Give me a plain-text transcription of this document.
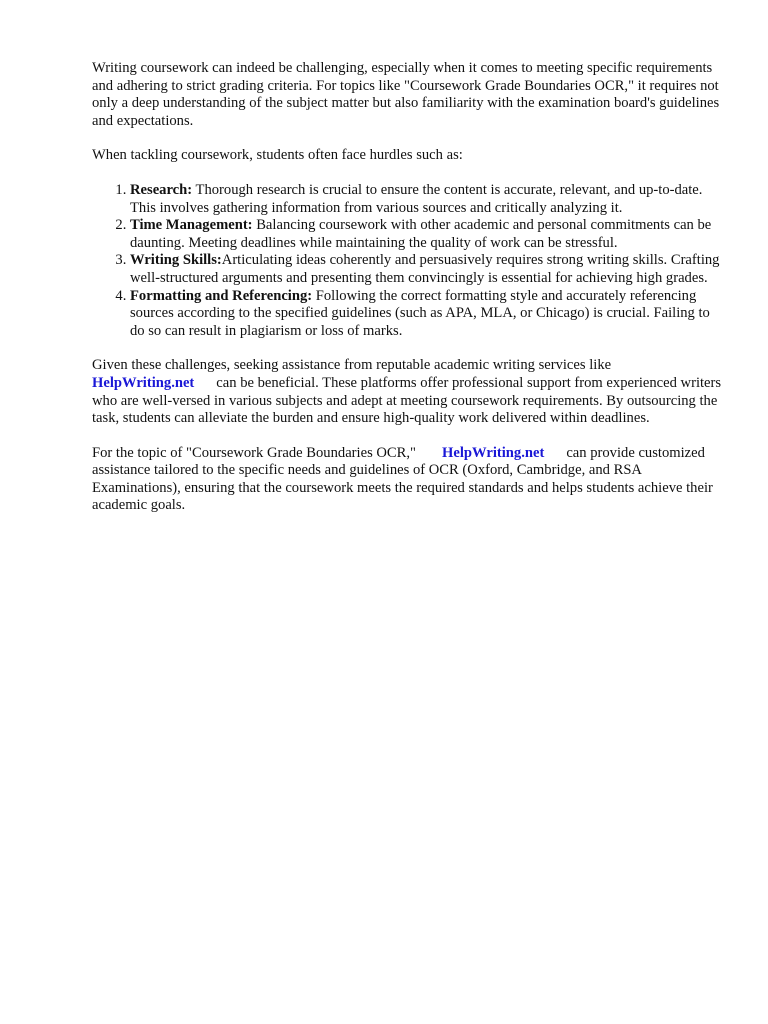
Writing coursework can indeed be challenging, especially when it comes to meeting specific requirements and adhering to strict grading criteria. For topics like "Coursework Grade Boundaries OCR," it requires not only a deep understanding of the subject matter but also familiarity with the examination board's guidelines and expectations.

When tackling coursework, students often face hurdles such as:

1. Research: Thorough research is crucial to ensure the content is accurate, relevant, and up-to-date. This involves gathering information from various sources and critically analyzing it.
2. Time Management: Balancing coursework with other academic and personal commitments can be daunting. Meeting deadlines while maintaining the quality of work can be stressful.
3. Writing Skills:Articulating ideas coherently and persuasively requires strong writing skills. Crafting well-structured arguments and presenting them convincingly is essential for achieving high grades.
4. Formatting and Referencing: Following the correct formatting style and accurately referencing sources according to the specified guidelines (such as APA, MLA, or Chicago) is crucial. Failing to do so can result in plagiarism or loss of marks.

Given these challenges, seeking assistance from reputable academic writing services like
HelpWriting.net can be beneficial. These platforms offer professional support from experienced writers who are well-versed in various subjects and adept at meeting coursework requirements. By outsourcing the task, students can alleviate the burden and ensure high-quality work delivered within deadlines.

For the topic of "Coursework Grade Boundaries OCR," HelpWriting.net can provide customized assistance tailored to the specific needs and guidelines of OCR (Oxford, Cambridge, and RSA Examinations), ensuring that the coursework meets the required standards and helps students achieve their academic goals.
